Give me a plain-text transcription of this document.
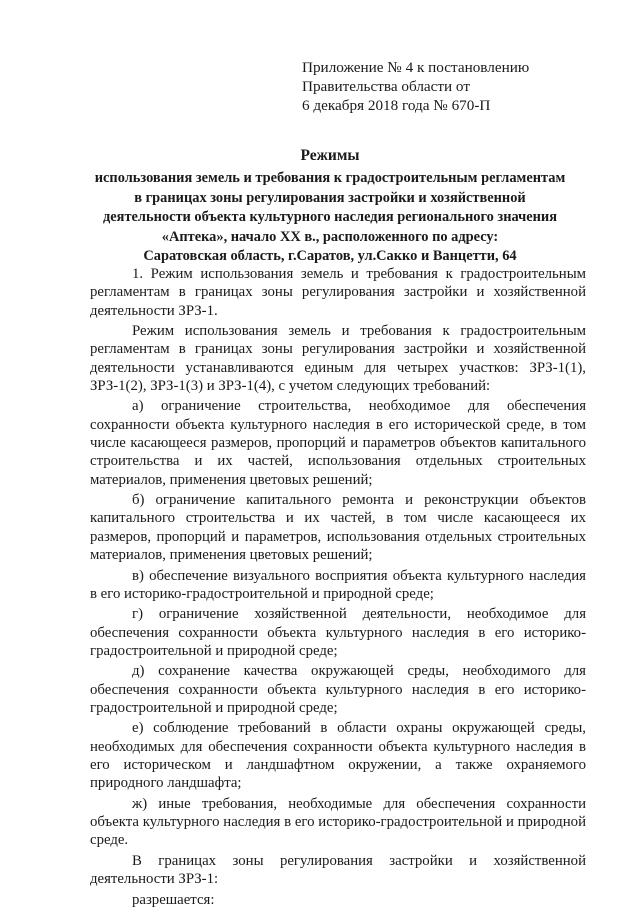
Приложение № 4 к постановлению
Правительства области от
6 декабря 2018 года № 670-П
Режимы
использования земель и требования к градостроительным регламентам
в границах зоны регулирования застройки и хозяйственной
деятельности объекта культурного наследия регионального значения
«Аптека», начало XX в., расположенного по адресу:
Саратовская область, г.Саратов, ул.Сакко и Ванцетти, 64

1. Режим использования земель и требования к градостроительным регламентам в границах зоны регулирования застройки и хозяйственной деятельности ЗРЗ-1.

Режим использования земель и требования к градостроительным регламентам в границах зоны регулирования застройки и хозяйственной деятельности устанавливаются единым для четырех участков: ЗРЗ-1(1), ЗРЗ-1(2), ЗРЗ-1(3) и ЗРЗ-1(4), с учетом следующих требований:

а) ограничение строительства, необходимое для обеспечения сохранности объекта культурного наследия в его исторической среде, в том числе касающееся размеров, пропорций и параметров объектов капитального строительства и их частей, использования отдельных строительных материалов, применения цветовых решений;

б) ограничение капитального ремонта и реконструкции объектов капитального строительства и их частей, в том числе касающееся их размеров, пропорций и параметров, использования отдельных строительных материалов, применения цветовых решений;

в) обеспечение визуального восприятия объекта культурного наследия в его историко-градостроительной и природной среде;

г) ограничение хозяйственной деятельности, необходимое для обеспечения сохранности объекта культурного наследия в его историко-градостроительной и природной среде;

д) сохранение качества окружающей среды, необходимого для обеспечения сохранности объекта культурного наследия в его историко-градостроительной и природной среде;

е) соблюдение требований в области охраны окружающей среды, необходимых для обеспечения сохранности объекта культурного наследия в его историческом и ландшафтном окружении, а также охраняемого природного ландшафта;

ж) иные требования, необходимые для обеспечения сохранности объекта культурного наследия в его историко-градостроительной и природной среде.

В границах зоны регулирования застройки и хозяйственной деятельности ЗРЗ-1:

разрешается:
